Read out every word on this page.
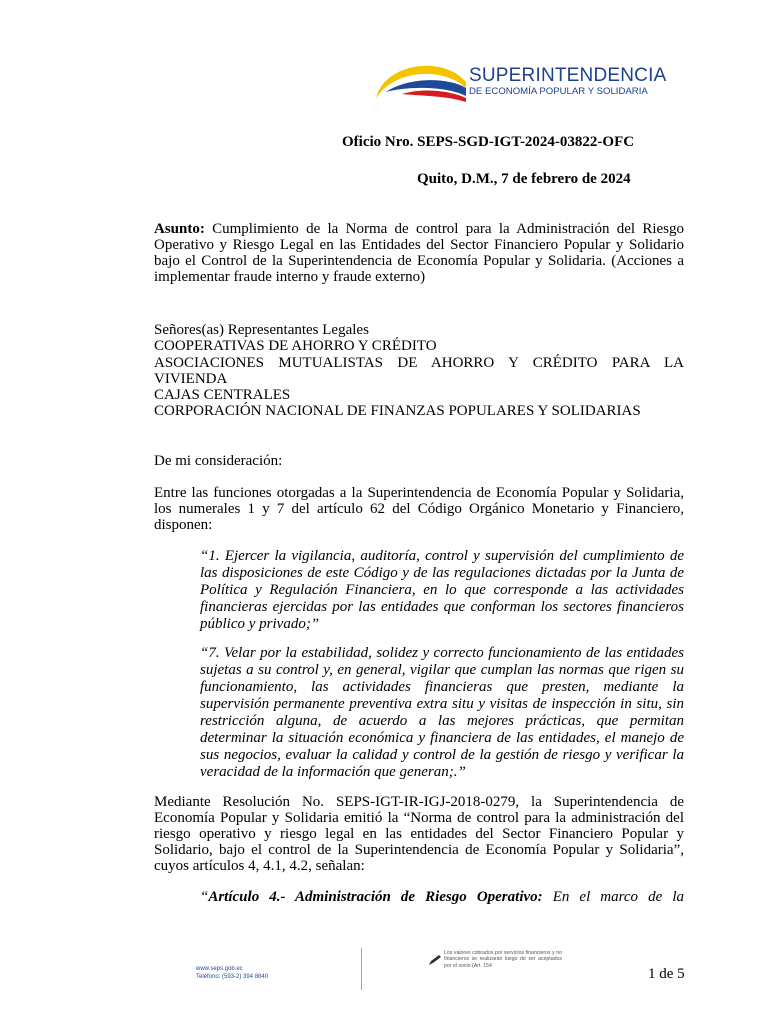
SUPERINTENDENCIA
DE ECONOMÍA POPULAR Y SOLIDARIA
Oficio Nro. SEPS-SGD-IGT-2024-03822-OFC
Quito, D.M., 7 de febrero de 2024

Asunto: Cumplimiento de la Norma de control para la Administración del Riesgo Operativo y Riesgo Legal en las Entidades del Sector Financiero Popular y Solidario bajo el Control de la Superintendencia de Economía Popular y Solidaria. (Acciones a implementar fraude interno y fraude externo)

Señores(as) Representantes Legales

COOPERATIVAS DE AHORRO Y CRÉDITO

ASOCIACIONES MUTUALISTAS DE AHORRO Y CRÉDITO PARA LA

VIVIENDA

CAJAS CENTRALES

CORPORACIÓN NACIONAL DE FINANZAS POPULARES Y SOLIDARIAS

De mi consideración:
Entre las funciones otorgadas a la Superintendencia de Economía Popular y Solidaria, los numerales 1 y 7 del artículo 62 del Código Orgánico Monetario y Financiero, disponen:
“1. Ejercer la vigilancia, auditoría, control y supervisión del cumplimiento de las disposiciones de este Código y de las regulaciones dictadas por la Junta de Política y Regulación Financiera, en lo que corresponde a las actividades financieras ejercidas por las entidades que conforman los sectores financieros público y privado;”
“7. Velar por la estabilidad, solidez y correcto funcionamiento de las entidades sujetas a su control y, en general, vigilar que cumplan las normas que rigen su funcionamiento, las actividades financieras que presten, mediante la supervisión permanente preventiva extra situ y visitas de inspección in situ, sin restricción alguna, de acuerdo a las mejores prácticas, que permitan determinar la situación económica y financiera de las entidades, el manejo de sus negocios, evaluar la calidad y control de la gestión de riesgo y verificar la veracidad de la información que generan;.”
Mediante Resolución No. SEPS-IGT-IR-IGJ-2018-0279, la Superintendencia de Economía Popular y Solidaria emitió la “Norma de control para la administración del riesgo operativo y riesgo legal en las entidades del Sector Financiero Popular y Solidario, bajo el control de la Superintendencia de Economía Popular y Solidaria”, cuyos artículos 4, 4.1, 4.2, señalan:
“Artículo 4.- Administración de Riesgo Operativo: En el marco de la
www.seps.gob.ec
Teléfono: (593-2) 394 8840
Los valores cobrados por servicios financieros y no financieros se realizarán luego de ser aceptados por el socio (Art. 154
1 de 5
